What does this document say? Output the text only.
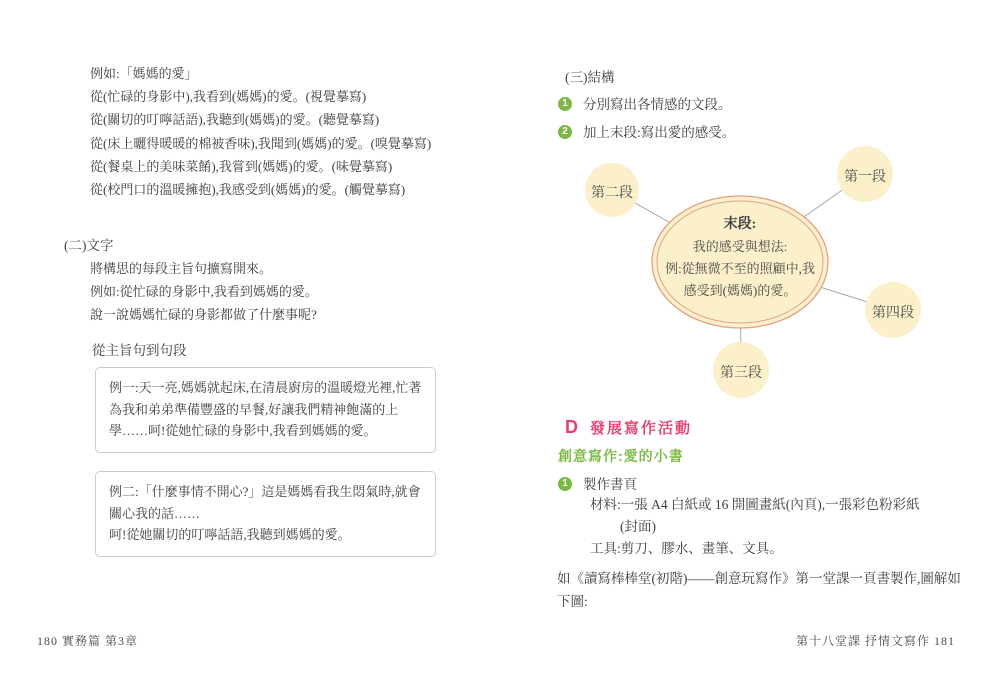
例如:「媽媽的愛」

從(忙碌的身影中),我看到(媽媽)的愛。(視覺摹寫)

從(關切的叮嚀話語),我聽到(媽媽)的愛。(聽覺摹寫)

從(床上曬得暖暖的棉被香味),我聞到(媽媽)的愛。(嗅覺摹寫)

從(餐桌上的美味菜餚),我嘗到(媽媽)的愛。(味覺摹寫)

從(校門口的溫暖擁抱),我感受到(媽媽)的愛。(觸覺摹寫)

(二)文字

將構思的每段主旨句擴寫開來。

例如:從忙碌的身影中,我看到媽媽的愛。

說一說媽媽忙碌的身影都做了什麼事呢?

從主旨句到句段

例一:天一亮,媽媽就起床,在清晨廚房的溫暖燈光裡,忙著為我和弟弟準備豐盛的早餐,好讓我們精神飽滿的上學……呵!從她忙碌的身影中,我看到媽媽的愛。

例二:「什麼事情不開心?」這是媽媽看我生悶氣時,就會關心我的話……

呵!從她關切的叮嚀話語,我聽到媽媽的愛。

180 實務篇 第3章

(三)結構

1	分別寫出各情感的文段。
2	加上末段:寫出愛的感受。
第二段
第一段
第四段
第三段
末段:
我的感受與想法:
例:從無微不至的照顧中,我感受到(媽媽)的愛。
D 發展寫作活動
創意寫作:愛的小書
1	製作書頁

材料:一張 A4 白紙或 16 開圖畫紙(內頁),一張彩色粉彩紙

(封面)

工具:剪刀、膠水、畫筆、文具。

如《讀寫棒棒堂(初階)——創意玩寫作》第一堂課一頁書製作,圖解如下圖:
第十八堂課 抒情文寫作 181
